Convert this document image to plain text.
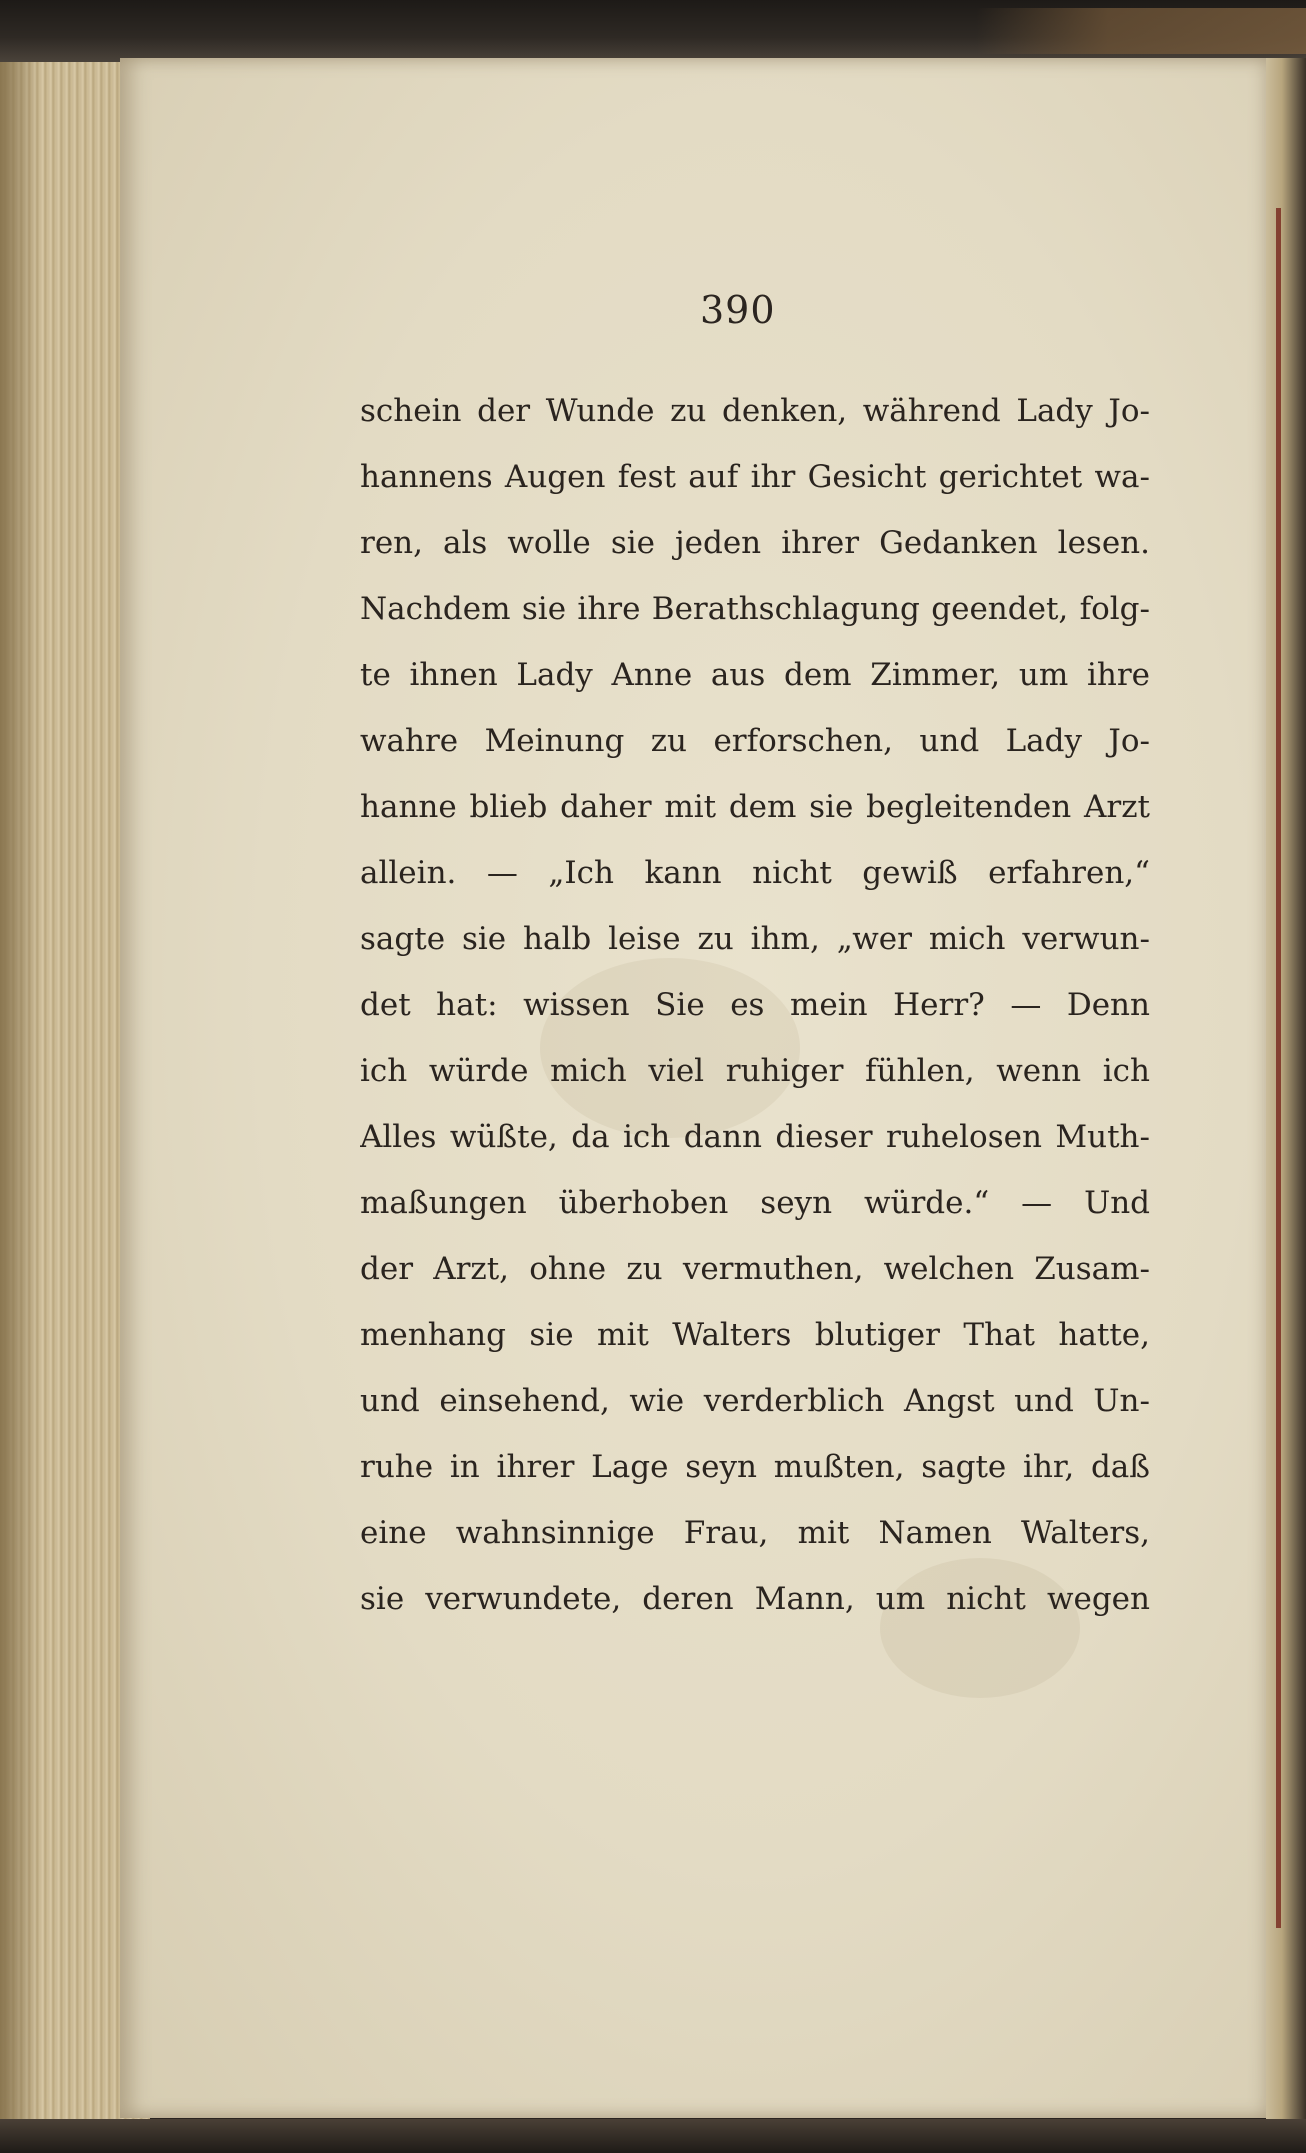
390
schein der Wunde zu denken, während Lady Jo-
hannens Augen fest auf ihr Gesicht gerichtet wa-
ren, als wolle sie jeden ihrer Gedanken lesen.
Nachdem sie ihre Berathschlagung geendet, folg-
te ihnen Lady Anne aus dem Zimmer, um ihre
wahre Meinung zu erforschen, und Lady Jo-
hanne blieb daher mit dem sie begleitenden Arzt
allein. — „Ich kann nicht gewiß erfahren,“
sagte sie halb leise zu ihm, „wer mich verwun-
det hat: wissen Sie es mein Herr? — Denn
ich würde mich viel ruhiger fühlen, wenn ich
Alles wüßte, da ich dann dieser ruhelosen Muth-
maßungen überhoben seyn würde.“ — Und
der Arzt, ohne zu vermuthen, welchen Zusam-
menhang sie mit Walters blutiger That hatte,
und einsehend, wie verderblich Angst und Un-
ruhe in ihrer Lage seyn mußten, sagte ihr, daß
eine wahnsinnige Frau, mit Namen Walters,
sie verwundete, deren Mann, um nicht wegen
